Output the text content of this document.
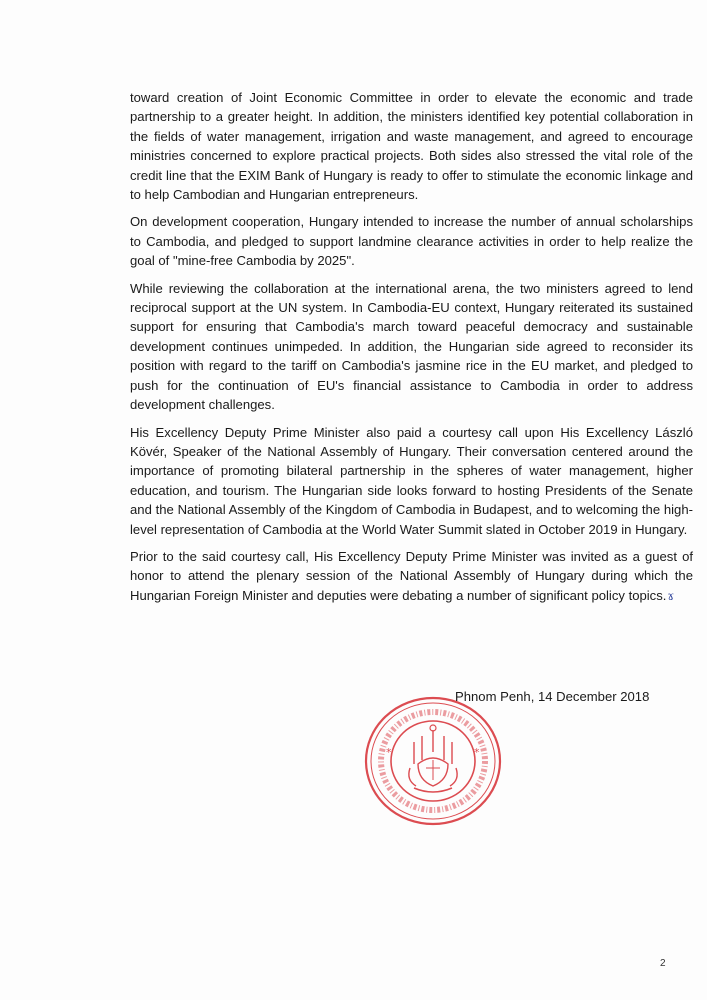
toward creation of Joint Economic Committee in order to elevate the economic and trade partnership to a greater height. In addition, the ministers identified key potential collaboration in the fields of water management, irrigation and waste management, and agreed to encourage ministries concerned to explore practical projects. Both sides also stressed the vital role of the credit line that the EXIM Bank of Hungary is ready to offer to stimulate the economic linkage and to help Cambodian and Hungarian entrepreneurs.

On development cooperation, Hungary intended to increase the number of annual scholarships to Cambodia, and pledged to support landmine clearance activities in order to help realize the goal of "mine-free Cambodia by 2025".

While reviewing the collaboration at the international arena, the two ministers agreed to lend reciprocal support at the UN system. In Cambodia-EU context, Hungary reiterated its sustained support for ensuring that Cambodia's march toward peaceful democracy and sustainable development continues unimpeded. In addition, the Hungarian side agreed to reconsider its position with regard to the tariff on Cambodia's jasmine rice in the EU market, and pledged to push for the continuation of EU's financial assistance to Cambodia in order to address development challenges.

His Excellency Deputy Prime Minister also paid a courtesy call upon His Excellency László Kövér, Speaker of the National Assembly of Hungary. Their conversation centered around the importance of promoting bilateral partnership in the spheres of water management, higher education, and tourism. The Hungarian side looks forward to hosting Presidents of the Senate and the National Assembly of the Kingdom of Cambodia in Budapest, and to welcoming the high-level representation of Cambodia at the World Water Summit slated in October 2019 in Hungary.

Prior to the said courtesy call, His Excellency Deputy Prime Minister was invited as a guest of honor to attend the plenary session of the National Assembly of Hungary during which the Hungarian Foreign Minister and deputies were debating a number of significant policy topics.ɤ

*	*
Phnom Penh, 14 December 2018
2
